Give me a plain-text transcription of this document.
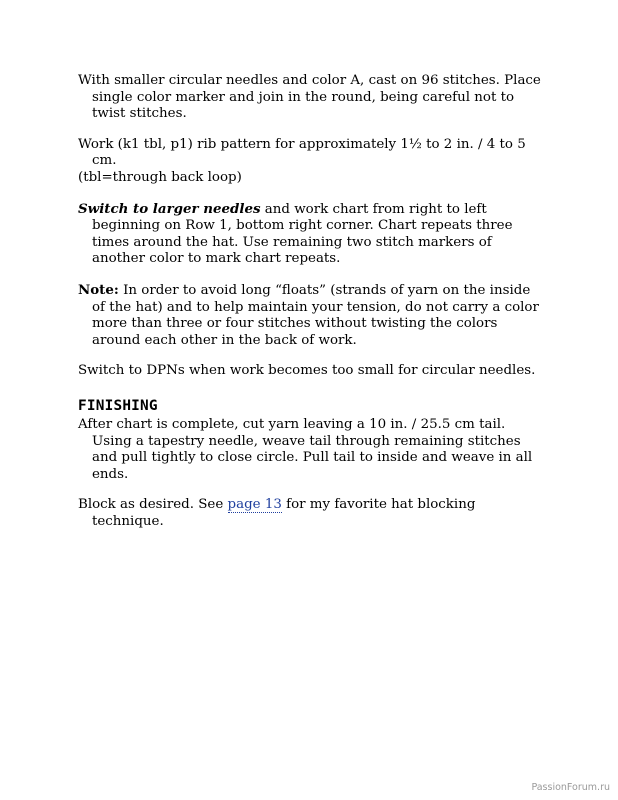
With smaller circular needles and color A, cast on 96 stitches. Place single color marker and join in the round, being careful not to twist stitches.

Work (k1 tbl, p1) rib pattern for approximately 1½ to 2 in. / 4 to 5 cm.

(tbl=through back loop)

Switch to larger needles and work chart from right to left beginning on Row 1, bottom right corner. Chart repeats three times around the hat. Use remaining two stitch markers of another color to mark chart repeats.

Note: In order to avoid long “floats” (strands of yarn on the inside of the hat) and to help maintain your tension, do not carry a color more than three or four stitches without twisting the colors around each other in the back of work.

Switch to DPNs when work becomes too small for circular needles.

FINISHING

After chart is complete, cut yarn leaving a 10 in. / 25.5 cm tail. Using a tapestry needle, weave tail through remaining stitches and pull tightly to close circle. Pull tail to inside and weave in all ends.

Block as desired. See page 13 for my favorite hat blocking technique.

PassionForum.ru
